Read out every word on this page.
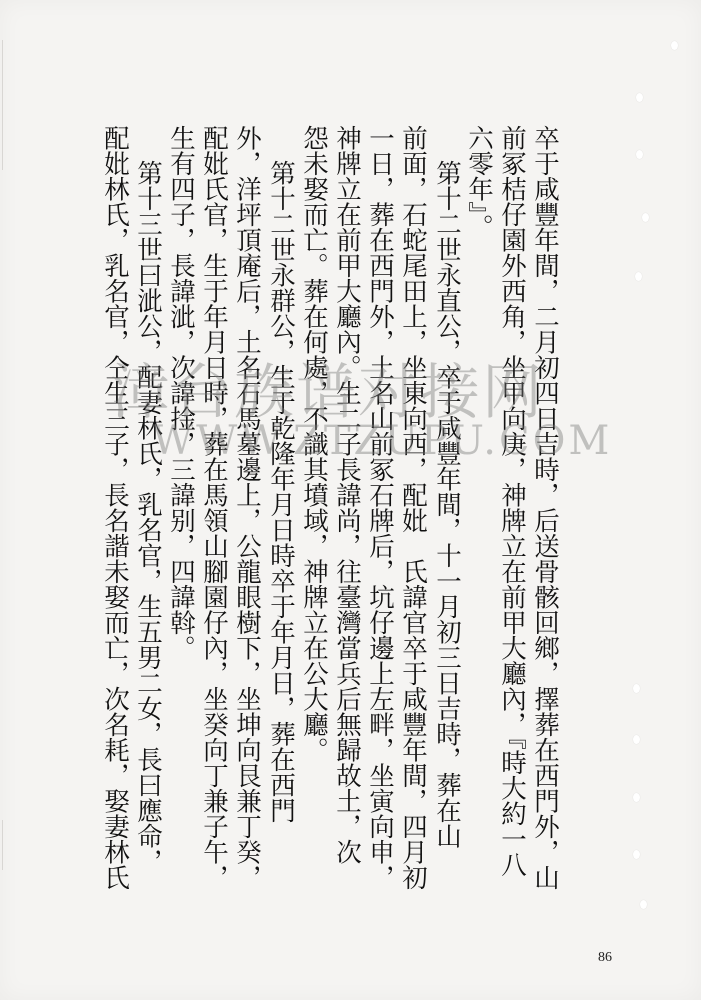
卒于咸豐年間，二月初四日吉時，后送骨骸回鄉，擇葬在西門外，山
前冢桔仔園外西角，坐甲向庚，神牌立在前甲大廳內，『時大約一八
六零年』。
第十二世永直公，卒于咸豐年間，十一月初三日吉時，葬在山
前面，石蛇尾田上，坐東向西，配妣　氏諱官卒于咸豐年間，四月初
一日，葬在西門外，土名山前冢石牌后，坑仔邊上左畔，坐寅向申，
神牌立在前甲大廳內。生二子長諱尚，往臺灣當兵后無歸故土，次
怨未娶而亡。葬在何處，不識其墳域，神牌立在公大廳。
第十二世永群公，生于乾隆年月日時卒于年月日，葬在西門
外，洋坪頂庵后，土名石馬墓邊上，公龍眼樹下，坐坤向艮兼丁癸，
配妣氏官，生于年月日時，葬在馬領山腳園仔內，坐癸向丁兼子午，
生有四子，長諱泚，次諱捦，三諱别，四諱斡。
第十三世曰泚公，配妻林氏，乳名官，生五男二女，長曰應命，
配妣林氏，乳名官，仝生三子，長名諧未娶而亡，次名耗，娶妻林氏
漳台族谱对接网
WWW.ZTZUPU.COM
86
